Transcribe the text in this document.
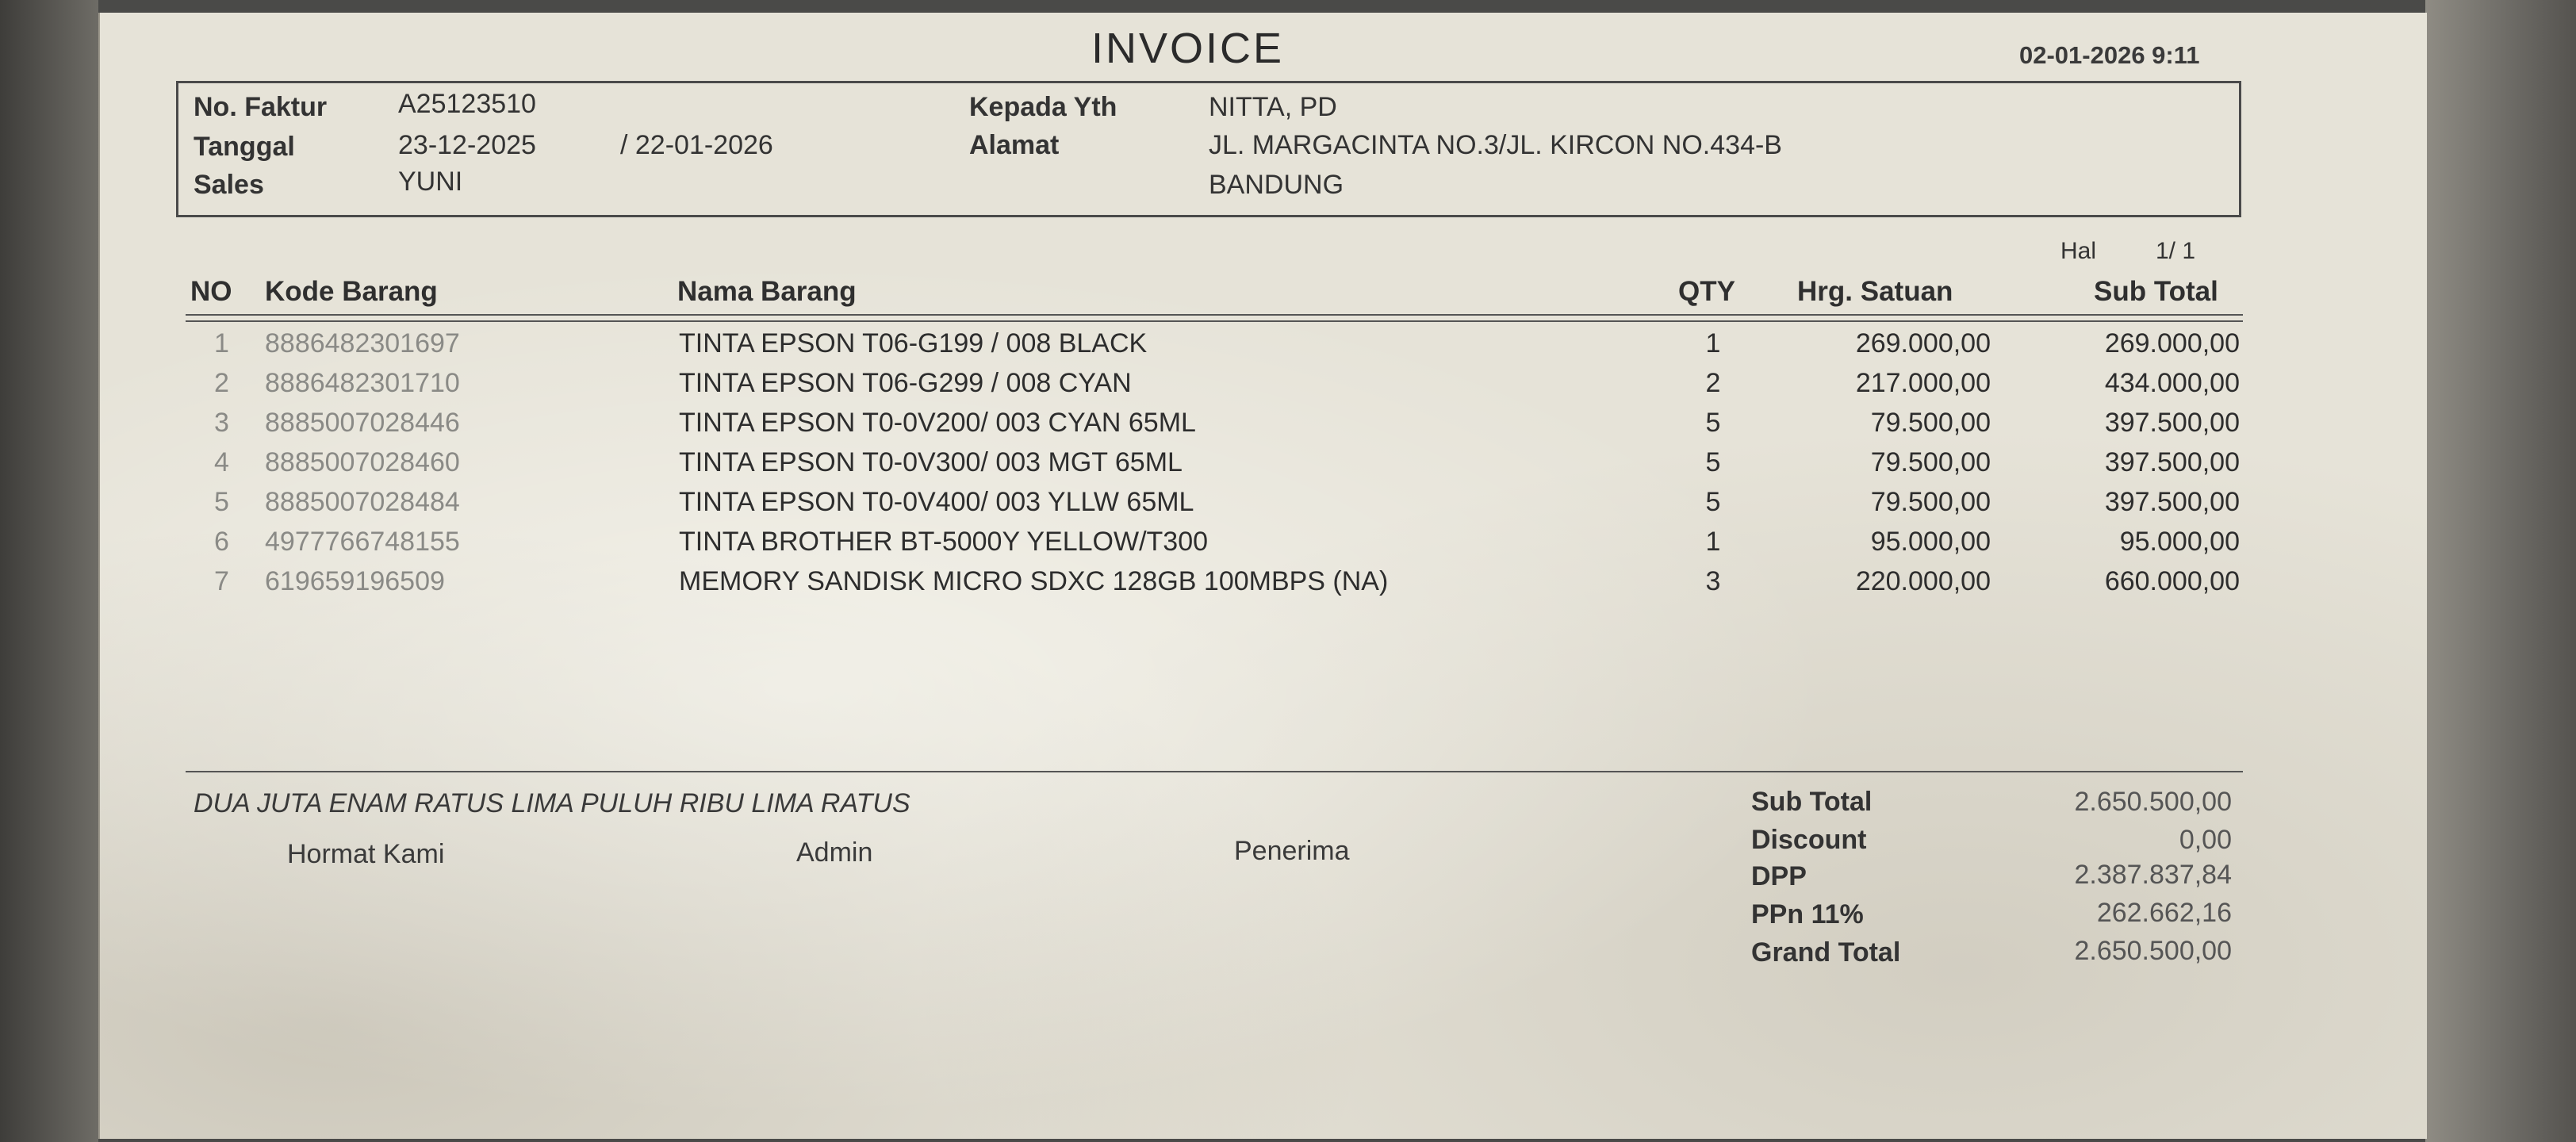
INVOICE	02-01-2026 9:11
No. Faktur	A25123510
Tanggal	23-12-2025	/ 22-01-2026
Sales	YUNI
Kepada Yth	NITTA, PD
Alamat	JL. MARGACINTA NO.3/JL. KIRCON NO.434-B
BANDUNG
Hal 1/ 1
NO Kode Barang	Nama Barang	QTY Hrg. Satuan	Sub Total
1 8886482301697	TINTA EPSON T06-G199 / 008 BLACK	1	269.000,00	269.000,00
2 8886482301710	TINTA EPSON T06-G299 / 008 CYAN	2	217.000,00	434.000,00
3 8885007028446	TINTA EPSON T0-0V200/ 003 CYAN 65ML	5	79.500,00	397.500,00
4 8885007028460	TINTA EPSON T0-0V300/ 003 MGT 65ML	5	79.500,00	397.500,00
5 8885007028484	TINTA EPSON T0-0V400/ 003 YLLW 65ML	5	79.500,00	397.500,00
6 4977766748155	TINTA BROTHER BT-5000Y YELLOW/T300	1	95.000,00	95.000,00
7 619659196509	MEMORY SANDISK MICRO SDXC 128GB 100MBPS (NA)	3	220.000,00	660.000,00
DUA JUTA ENAM RATUS LIMA PULUH RIBU LIMA RATUS
Hormat Kami	Admin	Penerima
Sub Total	2.650.500,00
Discount	0,00
DPP	2.387.837,84
PPn 11%	262.662,16
Grand Total	2.650.500,00
